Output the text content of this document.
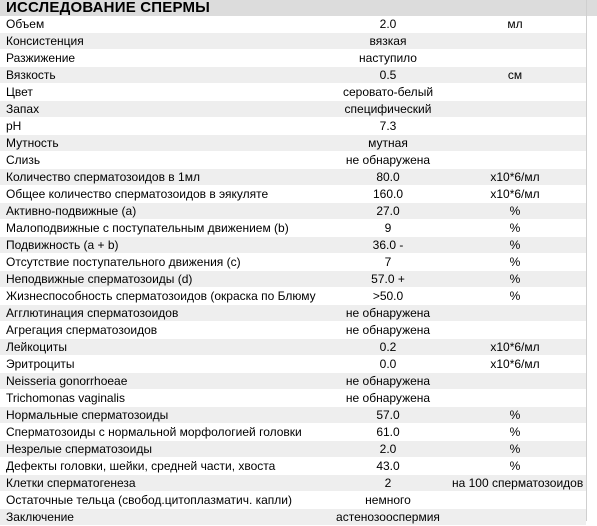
ИССЛЕДОВАНИЕ СПЕРМЫ
Объем	2.0	мл
Консистенция	вязкая	
Разжижение	наступило	
Вязкость	0.5	см
Цвет	серовато-белый	
Запах	специфический	
pH	7.3	
Мутность	мутная	
Слизь	не обнаружена	
Количество сперматозоидов в 1мл	80.0	x10*6/мл
Общее количество сперматозоидов в эякуляте	160.0	x10*6/мл
Активно-подвижные (а)	27.0	%
Малоподвижные с поступательным движением (b)	9	%
Подвижность (а + b)	36.0 -	%
Отсутствие поступательного движения (с)	7	%
Неподвижные сперматозоиды (d)	57.0 +	%
Жизнеспособность сперматозоидов (окраска по Блюму	>50.0	%
Агглютинация сперматозоидов	не обнаружена	
Агрегация сперматозоидов	не обнаружена	
Лейкоциты	0.2	x10*6/мл
Эритроциты	0.0	x10*6/мл
Neisseria gonorrhoeae	не обнаружена	
Trichomonas vaginalis	не обнаружена	
Нормальные сперматозоиды	57.0	%
Сперматозоиды с нормальной морфологией головки	61.0	%
Незрелые сперматозоиды	2.0	%
Дефекты головки, шейки, средней части, хвоста	43.0	%
Клетки сперматогенеза	2	на 100 сперматозоидов
Остаточные тельца (свобод.цитоплазматич. капли)	немного	
Заключение	астенозооспермия	
